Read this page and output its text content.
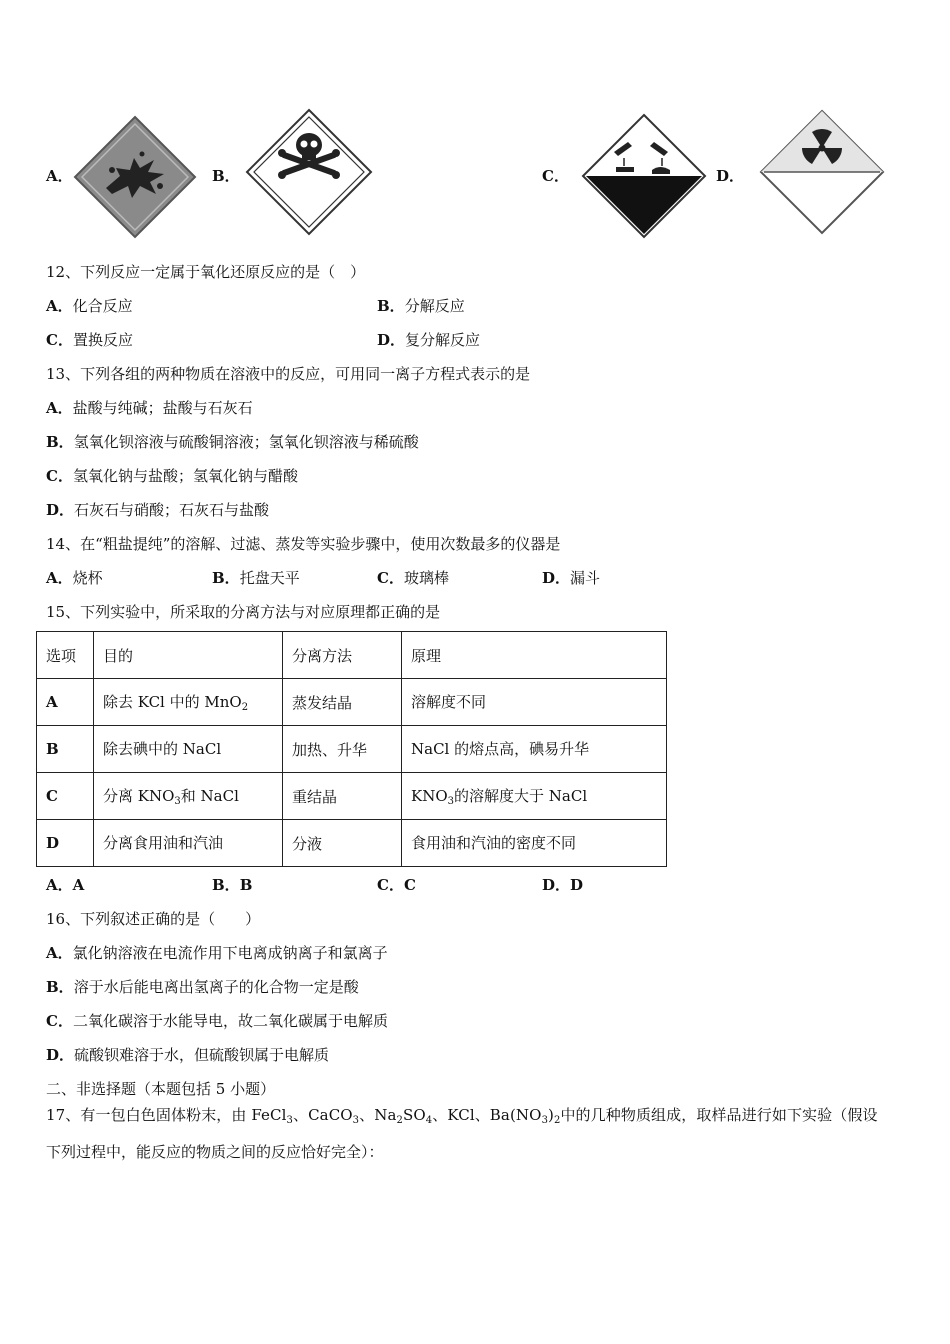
A．	B．	C．	D．
12、下列反应一定属于氧化还原反应的是（　）
A．化合反应	B．分解反应
C．置换反应	D．复分解反应
13、下列各组的两种物质在溶液中的反应，可用同一离子方程式表示的是
A．盐酸与纯碱；盐酸与石灰石
B．氢氧化钡溶液与硫酸铜溶液；氢氧化钡溶液与稀硫酸
C．氢氧化钠与盐酸；氢氧化钠与醋酸
D．石灰石与硝酸；石灰石与盐酸
14、在“粗盐提纯”的溶解、过滤、蒸发等实验步骤中，使用次数最多的仪器是
A．烧杯	B．托盘天平	C．玻璃棒	D．漏斗
15、下列实验中，所采取的分离方法与对应原理都正确的是
选项	目的	分离方法	原理
A	除去 KCl 中的 MnO$_2$	蒸发结晶	溶解度不同
B	除去碘中的 NaCl	加热、升华	NaCl 的熔点高，碘易升华
C	分离 $KNO_3$和 NaCl	重结晶	$KNO_3$的溶解度大于 NaCl
D	分离食用油和汽油	分液	食用油和汽油的密度不同
A．A	B．B	C．C	D．D
16、下列叙述正确的是（　　）
A．氯化钠溶液在电流作用下电离成钠离子和氯离子
B．溶于水后能电离出氢离子的化合物一定是酸
C．二氧化碳溶于水能导电，故二氧化碳属于电解质
D．硫酸钡难溶于水，但硫酸钡属于电解质
二、非选择题（本题包括 5 小题）
17、有一包白色固体粉末，由 FeCl$_3$、CaCO$_3$、$Na_2SO_4$、KCl、$Ba(NO_3)_2$中的几种物质组成，取样品进行如下实验（假设
下列过程中，能反应的物质之间的反应恰好完全）：
